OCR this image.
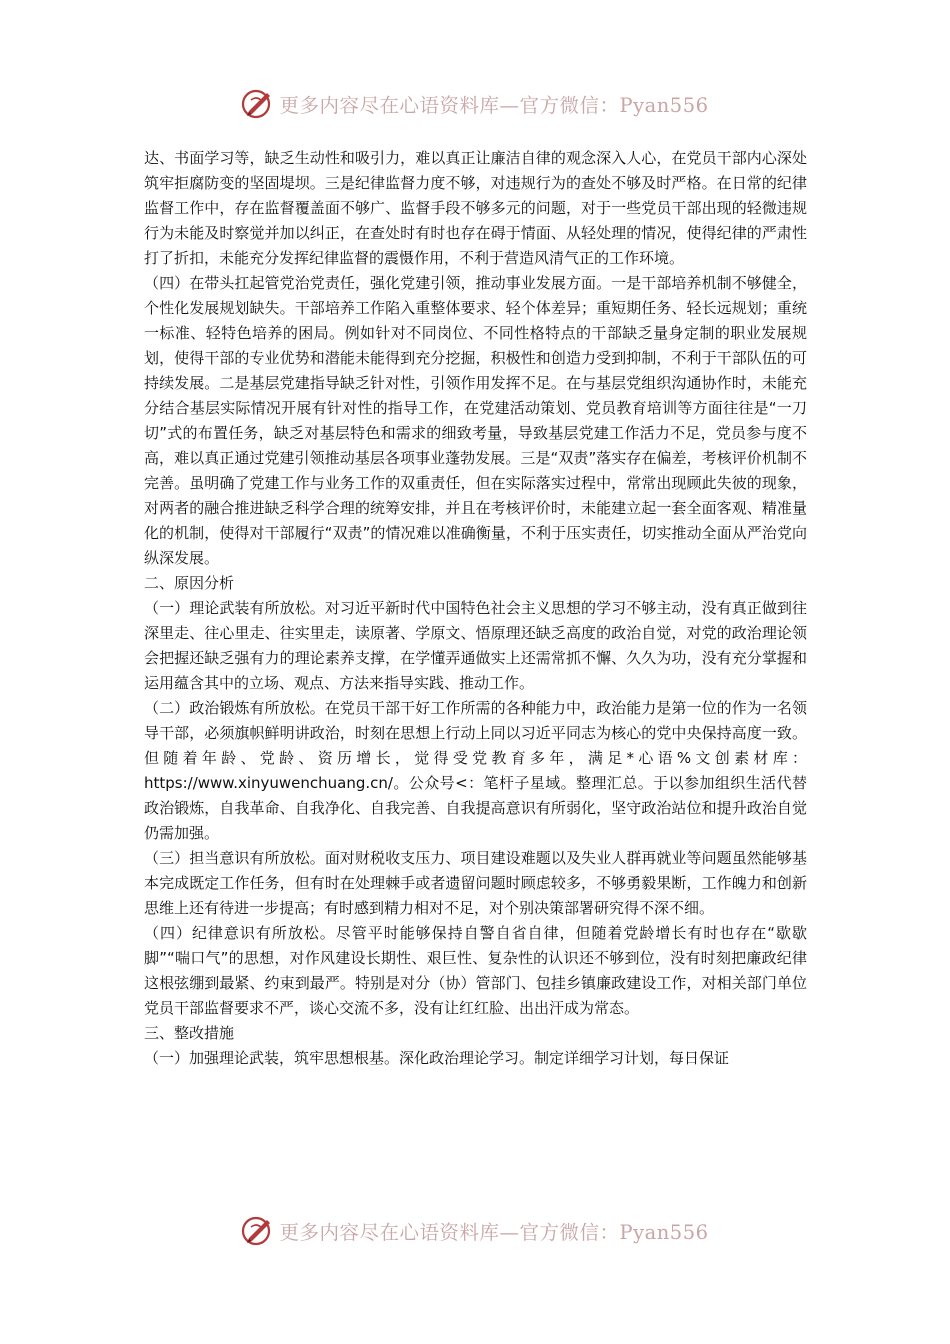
更多内容尽在心语资料库—官方微信：Pyan556

达、书面学习等，缺乏生动性和吸引力，难以真正让廉洁自律的观念深入人心，在党员干部内心深处筑牢拒腐防变的坚固堤坝。三是纪律监督力度不够，对违规行为的查处不够及时严格。在日常的纪律监督工作中，存在监督覆盖面不够广、监督手段不够多元的问题，对于一些党员干部出现的轻微违规行为未能及时察觉并加以纠正，在查处时有时也存在碍于情面、从轻处理的情况，使得纪律的严肃性打了折扣，未能充分发挥纪律监督的震慑作用，不利于营造风清气正的工作环境。

（四）在带头扛起管党治党责任，强化党建引领，推动事业发展方面。一是干部培养机制不够健全，个性化发展规划缺失。干部培养工作陷入重整体要求、轻个体差异；重短期任务、轻长远规划；重统一标准、轻特色培养的困局。例如针对不同岗位、不同性格特点的干部缺乏量身定制的职业发展规划，使得干部的专业优势和潜能未能得到充分挖掘，积极性和创造力受到抑制，不利于干部队伍的可持续发展。二是基层党建指导缺乏针对性，引领作用发挥不足。在与基层党组织沟通协作时，未能充分结合基层实际情况开展有针对性的指导工作，在党建活动策划、党员教育培训等方面往往是“一刀切”式的布置任务，缺乏对基层特色和需求的细致考量，导致基层党建工作活力不足，党员参与度不高，难以真正通过党建引领推动基层各项事业蓬勃发展。三是“双责”落实存在偏差，考核评价机制不完善。虽明确了党建工作与业务工作的双重责任，但在实际落实过程中，常常出现顾此失彼的现象，对两者的融合推进缺乏科学合理的统筹安排，并且在考核评价时，未能建立起一套全面客观、精准量化的机制，使得对干部履行“双责”的情况难以准确衡量，不利于压实责任，切实推动全面从严治党向纵深发展。

二、原因分析

（一）理论武装有所放松。对习近平新时代中国特色社会主义思想的学习不够主动，没有真正做到往深里走、往心里走、往实里走，读原著、学原文、悟原理还缺乏高度的政治自觉，对党的政治理论领会把握还缺乏强有力的理论素养支撑，在学懂弄通做实上还需常抓不懈、久久为功，没有充分掌握和运用蕴含其中的立场、观点、方法来指导实践、推动工作。

（二）政治锻炼有所放松。在党员干部干好工作所需的各种能力中，政治能力是第一位的作为一名领导干部，必须旗帜鲜明讲政治，时刻在思想上行动上同以习近平同志为核心的党中央保持高度一致。但随着年龄、党龄、资历增长，觉得受党教育多年，满足*心语%文创素材库：https://www.xinyuwenchuang.cn/。公众号<：笔杆子星域。整理汇总。于以参加组织生活代替政治锻炼，自我革命、自我净化、自我完善、自我提高意识有所弱化，坚守政治站位和提升政治自觉仍需加强。

（三）担当意识有所放松。面对财税收支压力、项目建设难题以及失业人群再就业等问题虽然能够基本完成既定工作任务，但有时在处理棘手或者遗留问题时顾虑较多，不够勇毅果断，工作魄力和创新思维上还有待进一步提高；有时感到精力相对不足，对个别决策部署研究得不深不细。

（四）纪律意识有所放松。尽管平时能够保持自警自省自律，但随着党龄增长有时也存在“歇歇脚”“喘口气”的思想，对作风建设长期性、艰巨性、复杂性的认识还不够到位，没有时刻把廉政纪律这根弦绷到最紧、约束到最严。特别是对分（协）管部门、包挂乡镇廉政建设工作，对相关部门单位党员干部监督要求不严，谈心交流不多，没有让红红脸、出出汗成为常态。

三、整改措施

（一）加强理论武装，筑牢思想根基。深化政治理论学习。制定详细学习计划，每日保证

更多内容尽在心语资料库—官方微信：Pyan556
